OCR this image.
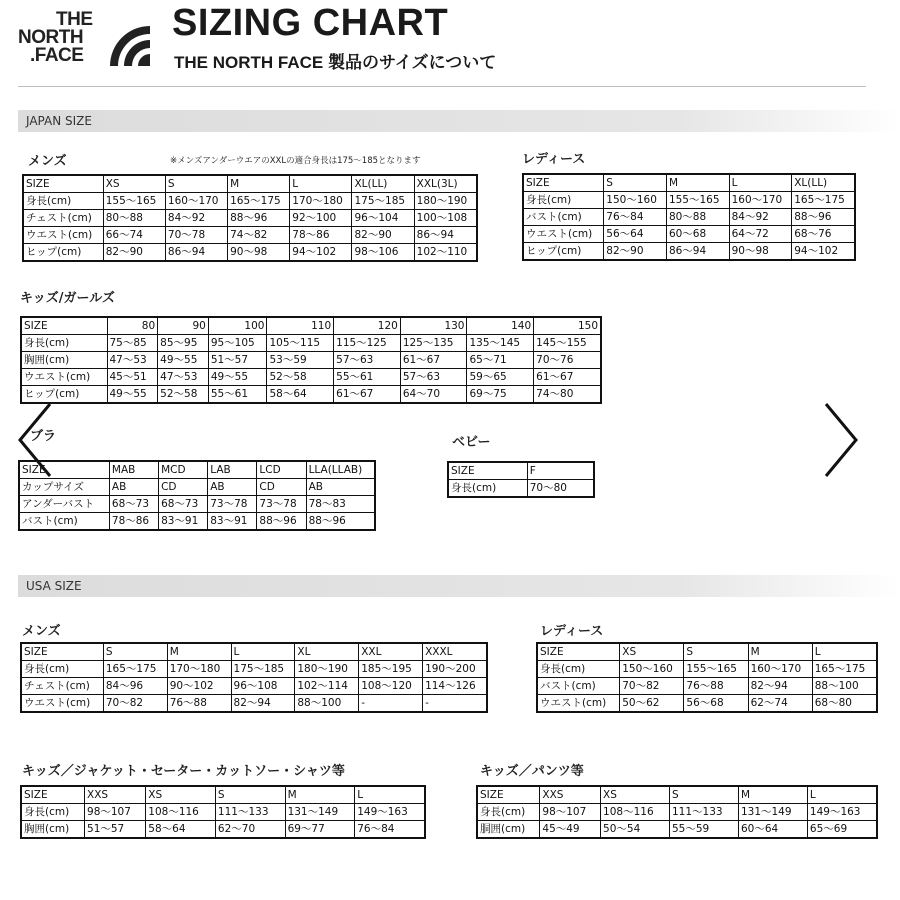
THE
NORTH
.FACE
SIZING CHART
THE NORTH FACE 製品のサイズについて
JAPAN SIZE
メンズ	※メンズアンダーウエアのXXLの適合身長は175〜185となります
SIZE	XS	S	M	L	XL(LL)	XXL(3L)
身長(cm)	155〜165	160〜170	165〜175	170〜180	175〜185	180〜190
チェスト(cm)	80〜88	84〜92	88〜96	92〜100	96〜104	100〜108
ウエスト(cm)	66〜74	70〜78	74〜82	78〜86	82〜90	86〜94
ヒップ(cm)	82〜90	86〜94	90〜98	94〜102	98〜106	102〜110
レディース
SIZE	S	M	L	XL(LL)
身長(cm)	150〜160	155〜165	160〜170	165〜175
バスト(cm)	76〜84	80〜88	84〜92	88〜96
ウエスト(cm)	56〜64	60〜68	64〜72	68〜76
ヒップ(cm)	82〜90	86〜94	90〜98	94〜102
キッズ/ガールズ
SIZE	80	90	100	110	120	130	140	150
身長(cm)	75〜85	85〜95	95〜105	105〜115	115〜125	125〜135	135〜145	145〜155
胸囲(cm)	47〜53	49〜55	51〜57	53〜59	57〜63	61〜67	65〜71	70〜76
ウエスト(cm)	45〜51	47〜53	49〜55	52〜58	55〜61	57〜63	59〜65	61〜67
ヒップ(cm)	49〜55	52〜58	55〜61	58〜64	61〜67	64〜70	69〜75	74〜80
ブラ
SIZE	MAB	MCD	LAB	LCD	LLA(LLAB)
カップサイズ	AB	CD	AB	CD	AB
アンダーバスト	68〜73	68〜73	73〜78	73〜78	78〜83
バスト(cm)	78〜86	83〜91	83〜91	88〜96	88〜96
ベビー
SIZE	F
身長(cm)	70〜80
USA SIZE
メンズ
SIZE	S	M	L	XL	XXL	XXXL
身長(cm)	165〜175	170〜180	175〜185	180〜190	185〜195	190〜200
チェスト(cm)	84〜96	90〜102	96〜108	102〜114	108〜120	114〜126
ウエスト(cm)	70〜82	76〜88	82〜94	88〜100	-	-
レディース
SIZE	XS	S	M	L
身長(cm)	150〜160	155〜165	160〜170	165〜175
バスト(cm)	70〜82	76〜88	82〜94	88〜100
ウエスト(cm)	50〜62	56〜68	62〜74	68〜80
キッズ／ジャケット・セーター・カットソー・シャツ等
SIZE	XXS	XS	S	M	L
身長(cm)	98〜107	108〜116	111〜133	131〜149	149〜163
胸囲(cm)	51〜57	58〜64	62〜70	69〜77	76〜84
キッズ／パンツ等
SIZE	XXS	XS	S	M	L
身長(cm)	98〜107	108〜116	111〜133	131〜149	149〜163
胴囲(cm)	45〜49	50〜54	55〜59	60〜64	65〜69
